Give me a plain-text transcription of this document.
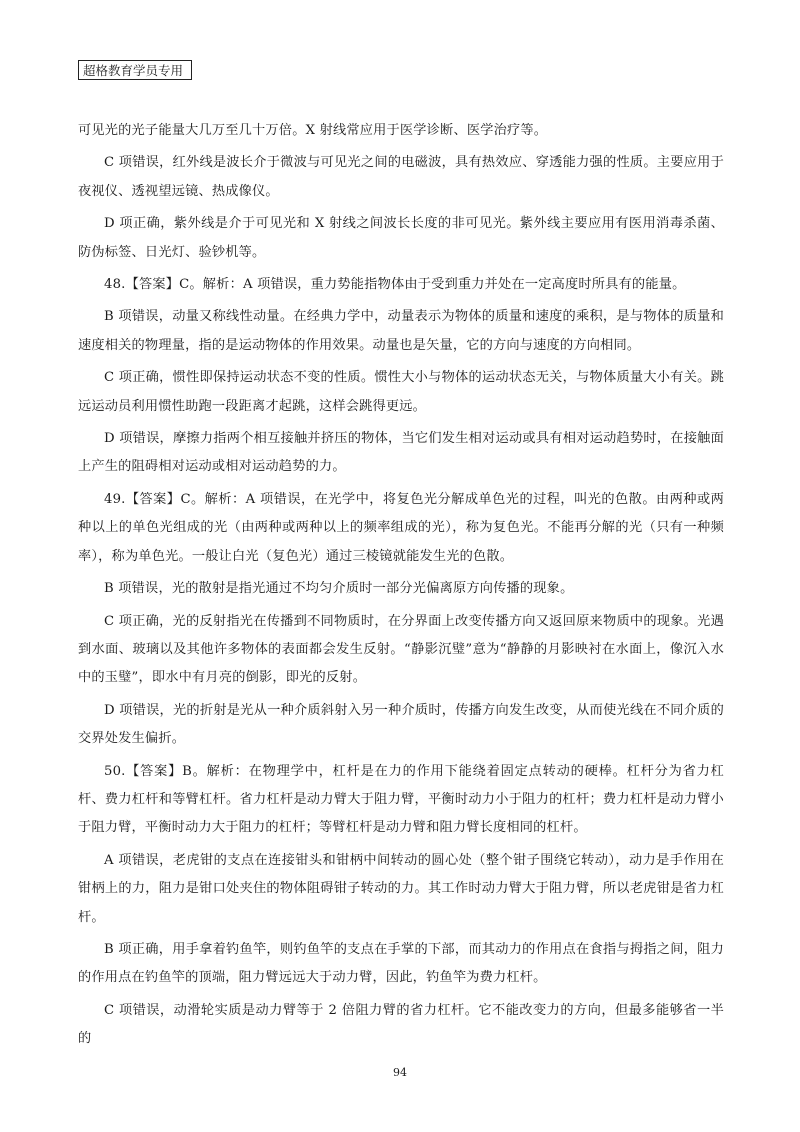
超格教育学员专用

可见光的光子能量大几万至几十万倍。X 射线常应用于医学诊断、医学治疗等。

C 项错误，红外线是波长介于微波与可见光之间的电磁波，具有热效应、穿透能力强的性质。主要应用于夜视仪、透视望远镜、热成像仪。

D 项正确，紫外线是介于可见光和 X 射线之间波长长度的非可见光。紫外线主要应用有医用消毒杀菌、防伪标签、日光灯、验钞机等。

48.【答案】C。解析：A 项错误，重力势能指物体由于受到重力并处在一定高度时所具有的能量。

B 项错误，动量又称线性动量。在经典力学中，动量表示为物体的质量和速度的乘积，是与物体的质量和速度相关的物理量，指的是运动物体的作用效果。动量也是矢量，它的方向与速度的方向相同。

C 项正确，惯性即保持运动状态不变的性质。惯性大小与物体的运动状态无关，与物体质量大小有关。跳远运动员利用惯性助跑一段距离才起跳，这样会跳得更远。

D 项错误，摩擦力指两个相互接触并挤压的物体，当它们发生相对运动或具有相对运动趋势时，在接触面上产生的阻碍相对运动或相对运动趋势的力。

49.【答案】C。解析：A 项错误，在光学中，将复色光分解成单色光的过程，叫光的色散。由两种或两种以上的单色光组成的光（由两种或两种以上的频率组成的光），称为复色光。不能再分解的光（只有一种频率），称为单色光。一般让白光（复色光）通过三棱镜就能发生光的色散。

B 项错误，光的散射是指光通过不均匀介质时一部分光偏离原方向传播的现象。

C 项正确，光的反射指光在传播到不同物质时，在分界面上改变传播方向又返回原来物质中的现象。光遇到水面、玻璃以及其他许多物体的表面都会发生反射。“静影沉璧”意为“静静的月影映衬在水面上，像沉入水中的玉璧”，即水中有月亮的倒影，即光的反射。

D 项错误，光的折射是光从一种介质斜射入另一种介质时，传播方向发生改变，从而使光线在不同介质的交界处发生偏折。

50.【答案】B。解析：在物理学中，杠杆是在力的作用下能绕着固定点转动的硬棒。杠杆分为省力杠杆、费力杠杆和等臂杠杆。省力杠杆是动力臂大于阻力臂，平衡时动力小于阻力的杠杆；费力杠杆是动力臂小于阻力臂，平衡时动力大于阻力的杠杆；等臂杠杆是动力臂和阻力臂长度相同的杠杆。

A 项错误，老虎钳的支点在连接钳头和钳柄中间转动的圆心处（整个钳子围绕它转动），动力是手作用在钳柄上的力，阻力是钳口处夹住的物体阻碍钳子转动的力。其工作时动力臂大于阻力臂，所以老虎钳是省力杠杆。

B 项正确，用手拿着钓鱼竿，则钓鱼竿的支点在手掌的下部，而其动力的作用点在食指与拇指之间，阻力的作用点在钓鱼竿的顶端，阻力臂远远大于动力臂，因此，钓鱼竿为费力杠杆。

C 项错误，动滑轮实质是动力臂等于 2 倍阻力臂的省力杠杆。它不能改变力的方向，但最多能够省一半的

94
